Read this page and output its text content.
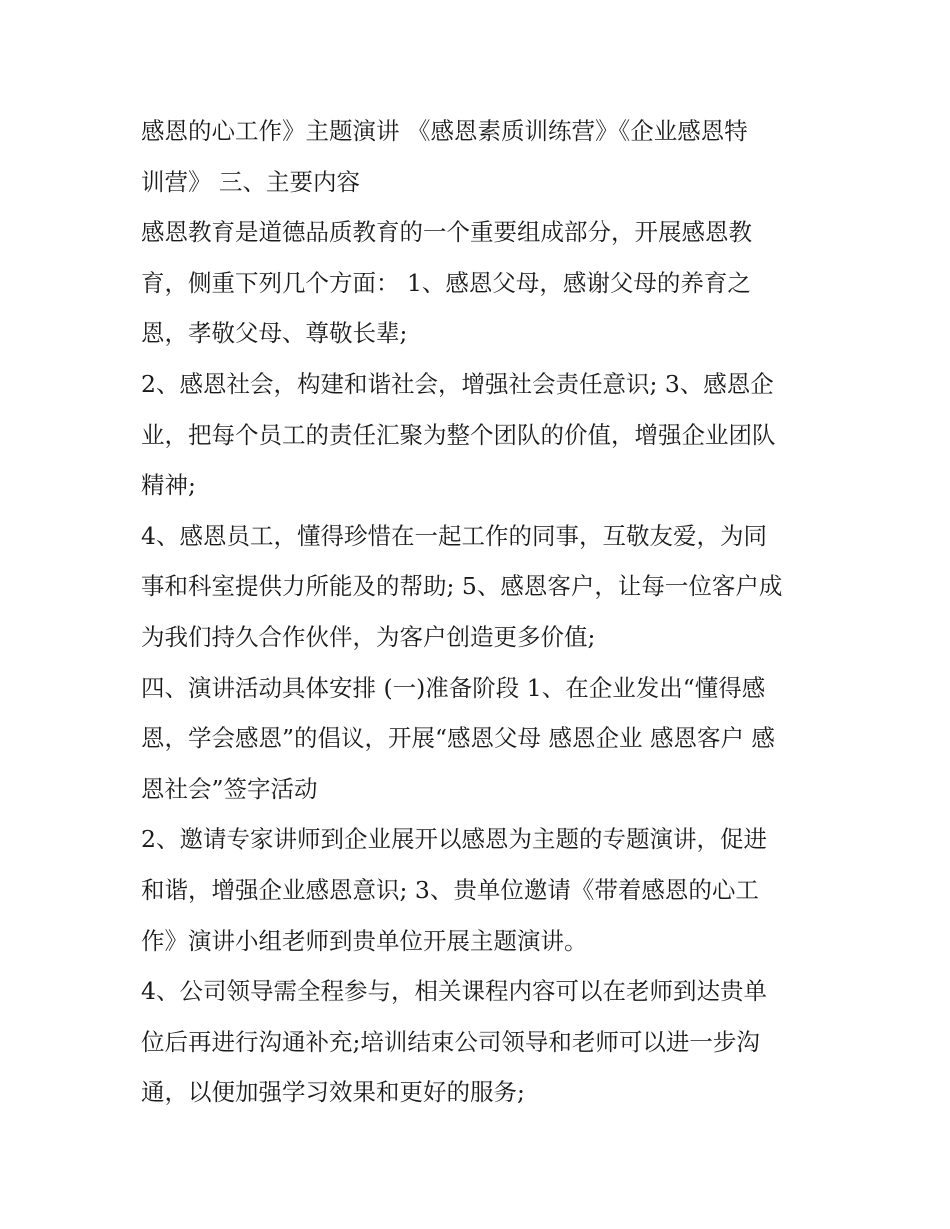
感恩的心工作》主题演讲 《感恩素质训练营》《企业感恩特
训营》 三、主要内容

感恩教育是道德品质教育的一个重要组成部分，开展感恩教
育，侧重下列几个方面： 1、感恩父母，感谢父母的养育之
恩，孝敬父母、尊敬长辈;

2、感恩社会，构建和谐社会，增强社会责任意识; 3、感恩企
业，把每个员工的责任汇聚为整个团队的价值，增强企业团队
精神;

4、感恩员工，懂得珍惜在一起工作的同事，互敬友爱，为同
事和科室提供力所能及的帮助; 5、感恩客户，让每一位客户成
为我们持久合作伙伴，为客户创造更多价值;

四、演讲活动具体安排 (一)准备阶段 1、在企业发出“懂得感
恩，学会感恩”的倡议，开展“感恩父母 感恩企业 感恩客户 感
恩社会”签字活动

2、邀请专家讲师到企业展开以感恩为主题的专题演讲，促进
和谐，增强企业感恩意识; 3、贵单位邀请《带着感恩的心工
作》演讲小组老师到贵单位开展主题演讲。

4、公司领导需全程参与，相关课程内容可以在老师到达贵单
位后再进行沟通补充;培训结束公司领导和老师可以进一步沟
通，以便加强学习效果和更好的服务;
